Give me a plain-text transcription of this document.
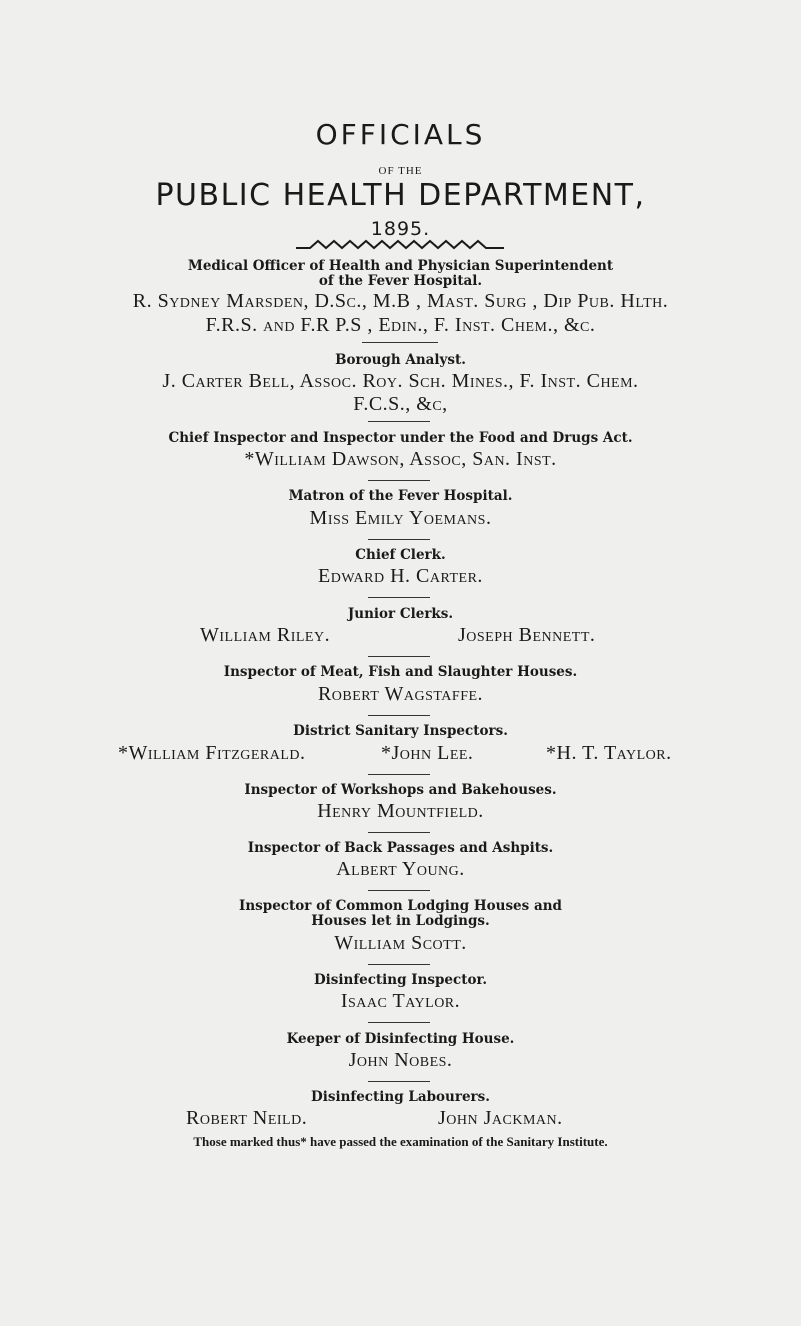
OFFICIALS
OF THE
PUBLIC HEALTH DEPARTMENT,
1895.
Medical Officer of Health and Physician Superintendent
of the Fever Hospital.
R. Sydney Marsden, D.Sc., M.B , Mast. Surg , Dip Pub. Hlth.
F.R.S. and F.R P.S , Edin., F. Inst. Chem., &c.
Borough Analyst.
J. Carter Bell, Assoc. Roy. Sch. Mines., F. Inst. Chem.
F.C.S., &c,
Chief Inspector and Inspector under the Food and Drugs Act.
*William Dawson, Assoc, San. Inst.
Matron of the Fever Hospital.
Miss Emily Yoemans.
Chief Clerk.
Edward H. Carter.
Junior Clerks.
William Riley.	Joseph Bennett.
Inspector of Meat, Fish and Slaughter Houses.
Robert Wagstaffe.
District Sanitary Inspectors.
*William Fitzgerald.	*John Lee.	*H. T. Taylor.
Inspector of Workshops and Bakehouses.
Henry Mountfield.
Inspector of Back Passages and Ashpits.
Albert Young.
Inspector of Common Lodging Houses and
Houses let in Lodgings.
William Scott.
Disinfecting Inspector.
Isaac Taylor.
Keeper of Disinfecting House.
John Nobes.
Disinfecting Labourers.
Robert Neild.	John Jackman.
Those marked thus* have passed the examination of the Sanitary Institute.
